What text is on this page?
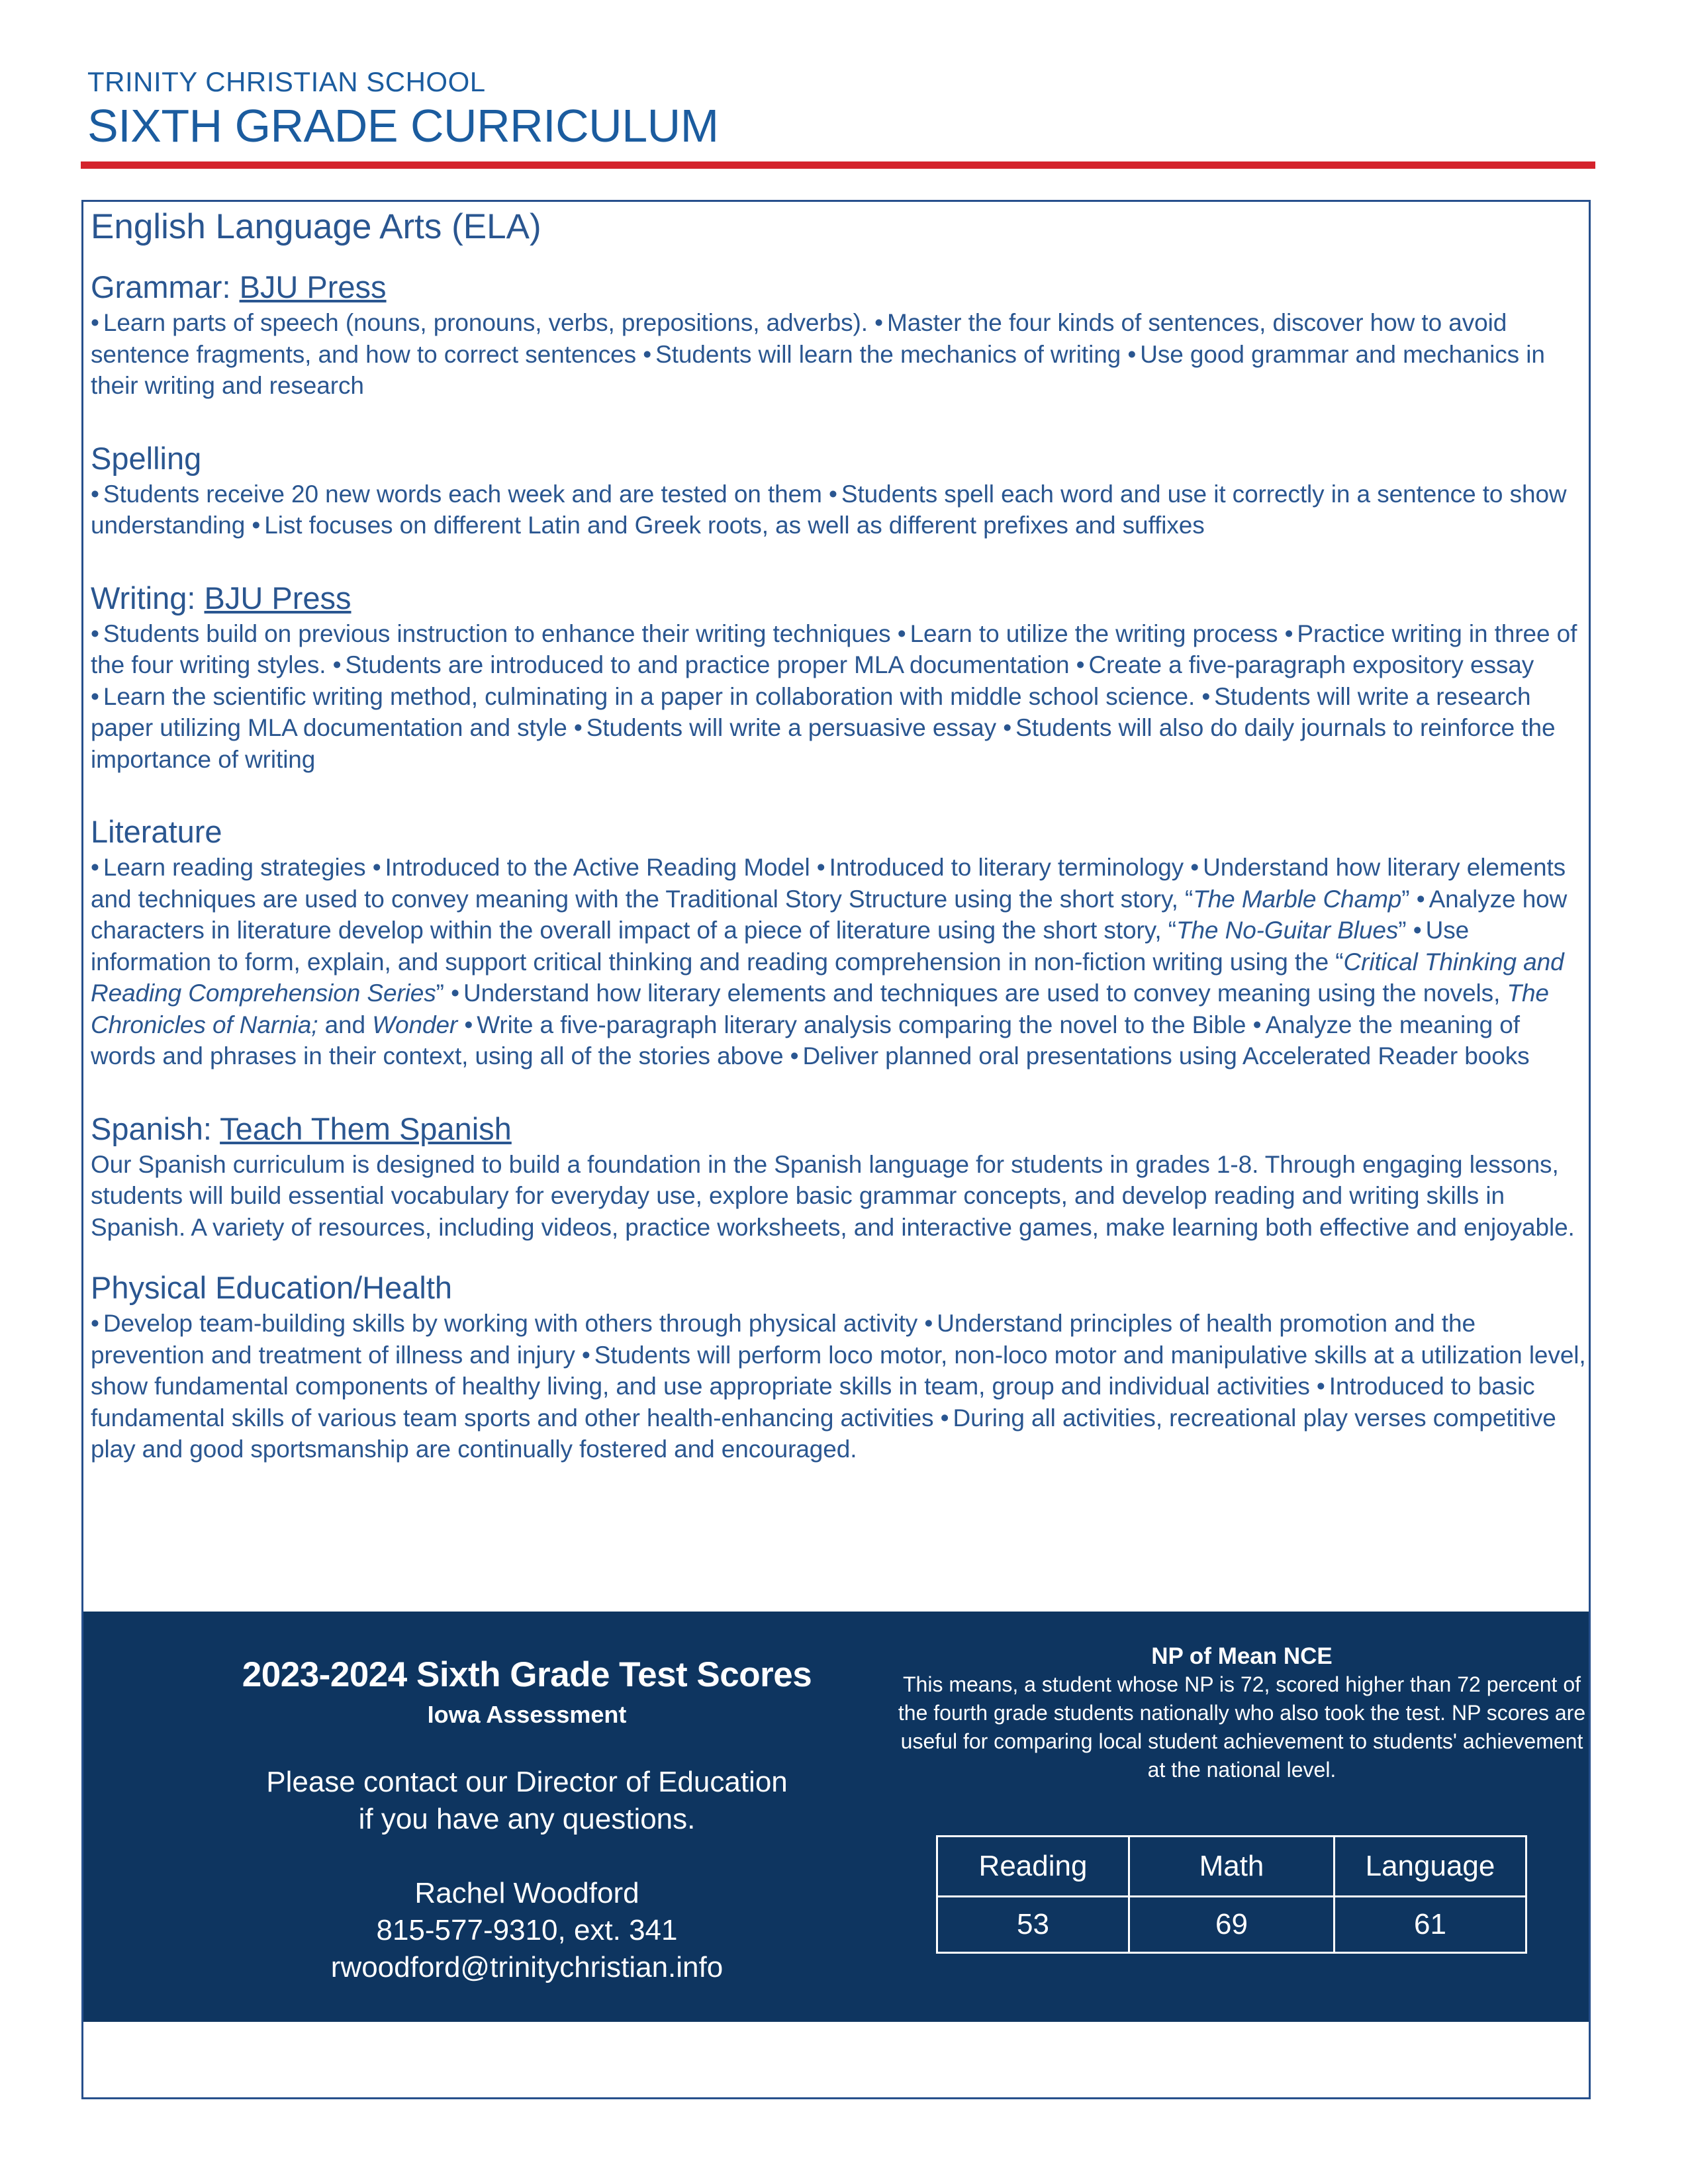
TRINITY CHRISTIAN SCHOOL
SIXTH GRADE CURRICULUM
English Language Arts (ELA)
Grammar: BJU Press
• Learn parts of speech (nouns, pronouns, verbs, prepositions, adverbs). • Master the four kinds of sentences, discover how to avoid sentence fragments, and how to correct sentences • Students will learn the mechanics of writing • Use good grammar and mechanics in their writing and research
Spelling
• Students receive 20 new words each week and are tested on them • Students spell each word and use it correctly in a sentence to show understanding • List focuses on different Latin and Greek roots, as well as different prefixes and suffixes
Writing: BJU Press
• Students build on previous instruction to enhance their writing techniques • Learn to utilize the writing process • Practice writing in three of the four writing styles. • Students are introduced to and practice proper MLA documentation • Create a five-paragraph expository essay • Learn the scientific writing method, culminating in a paper in collaboration with middle school science. • Students will write a research paper utilizing MLA documentation and style • Students will write a persuasive essay • Students will also do daily journals to reinforce the importance of writing
Literature
• Learn reading strategies • Introduced to the Active Reading Model • Introduced to literary terminology • Understand how literary elements and techniques are used to convey meaning with the Traditional Story Structure using the short story, “The Marble Champ” • Analyze how characters in literature develop within the overall impact of a piece of literature using the short story, “The No-Guitar Blues” • Use information to form, explain, and support critical thinking and reading comprehension in non-fiction writing using the “Critical Thinking and Reading Comprehension Series” • Understand how literary elements and techniques are used to convey meaning using the novels, The Chronicles of Narnia; and Wonder • Write a five-paragraph literary analysis comparing the novel to the Bible • Analyze the meaning of words and phrases in their context, using all of the stories above • Deliver planned oral presentations using Accelerated Reader books
Spanish: Teach Them Spanish
Our Spanish curriculum is designed to build a foundation in the Spanish language for students in grades 1-8. Through engaging lessons, students will build essential vocabulary for everyday use, explore basic grammar concepts, and develop reading and writing skills in Spanish. A variety of resources, including videos, practice worksheets, and interactive games, make learning both effective and enjoyable.
Physical Education/Health
• Develop team-building skills by working with others through physical activity • Understand principles of health promotion and the prevention and treatment of illness and injury • Students will perform loco motor, non-loco motor and manipulative skills at a utilization level, show fundamental components of healthy living, and use appropriate skills in team, group and individual activities • Introduced to basic fundamental skills of various team sports and other health-enhancing activities • During all activities, recreational play verses competitive play and good sportsmanship are continually fostered and encouraged.
2023-2024 Sixth Grade Test Scores
Iowa Assessment
Please contact our Director of Education
if you have any questions.
Rachel Woodford
815-577-9310, ext. 341
rwoodford@trinitychristian.info
NP of Mean NCE
This means, a student whose NP is 72, scored higher than 72 percent of the fourth grade students nationally who also took the test. NP scores are useful for comparing local student achievement to students' achievement at the national level.
Reading	Math	Language
53	69	61
